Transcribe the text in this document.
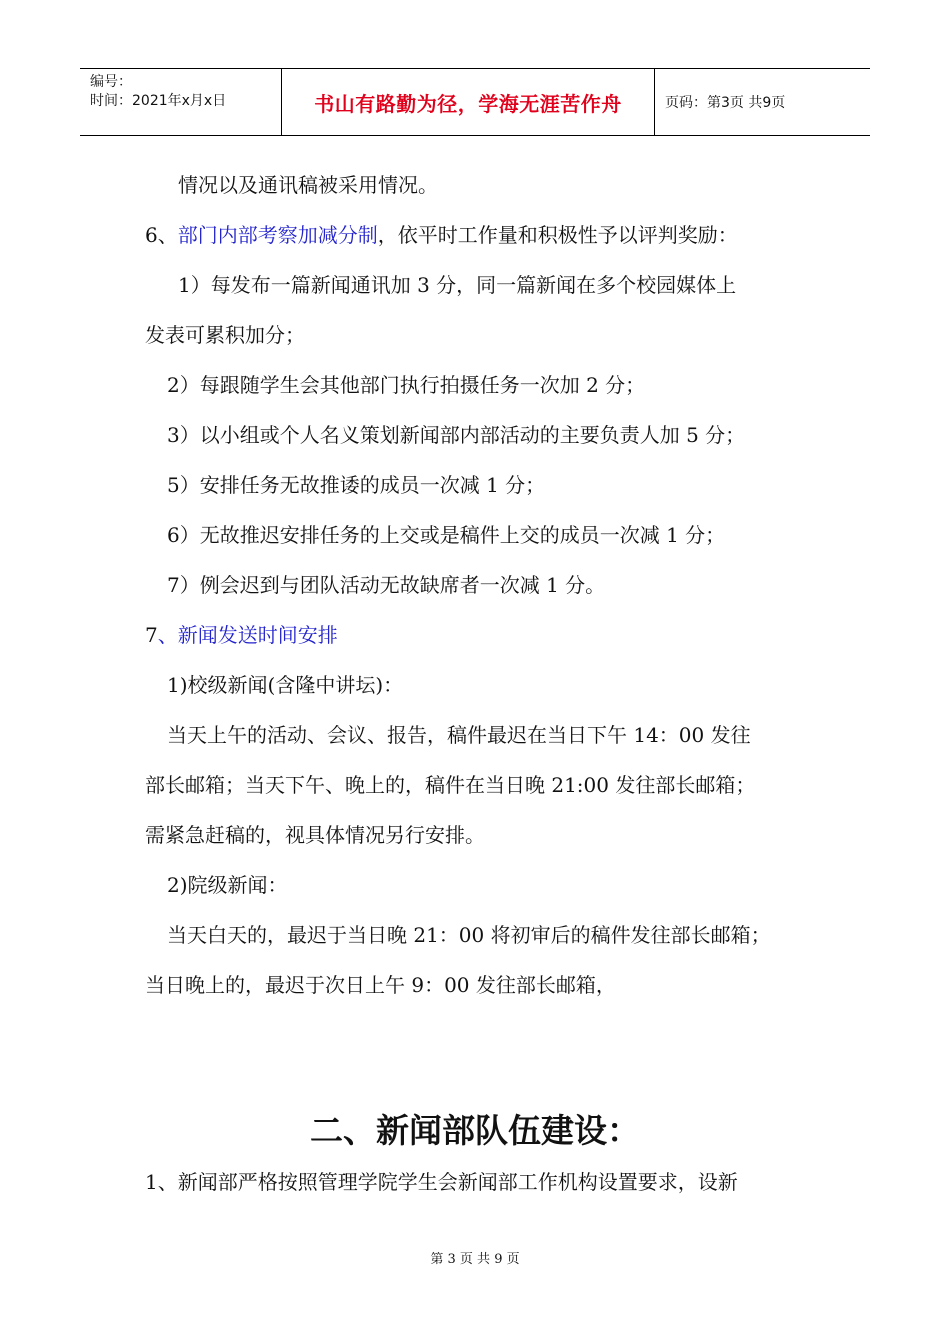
编号：
时间：2021年x月x日	书山有路勤为径，学海无涯苦作舟	页码：第3页 共9页
情况以及通讯稿被采用情况。
6、部门内部考察加减分制，依平时工作量和积极性予以评判奖励：
1）每发布一篇新闻通讯加 3 分，同一篇新闻在多个校园媒体上
发表可累积加分；
2）每跟随学生会其他部门执行拍摄任务一次加 2 分；
3）以小组或个人名义策划新闻部内部活动的主要负责人加 5 分；
5）安排任务无故推诿的成员一次减 1 分；
6）无故推迟安排任务的上交或是稿件上交的成员一次减 1 分；
7）例会迟到与团队活动无故缺席者一次减 1 分。
7、新闻发送时间安排
1)校级新闻(含隆中讲坛)：
当天上午的活动、会议、报告，稿件最迟在当日下午 14：00 发往
部长邮箱；当天下午、晚上的，稿件在当日晚 21:00 发往部长邮箱；
需紧急赶稿的，视具体情况另行安排。
2)院级新闻：
当天白天的，最迟于当日晚 21：00 将初审后的稿件发往部长邮箱；
当日晚上的，最迟于次日上午 9：00 发往部长邮箱，
二、新闻部队伍建设：
1、新闻部严格按照管理学院学生会新闻部工作机构设置要求，设新
第 3 页 共 9 页
